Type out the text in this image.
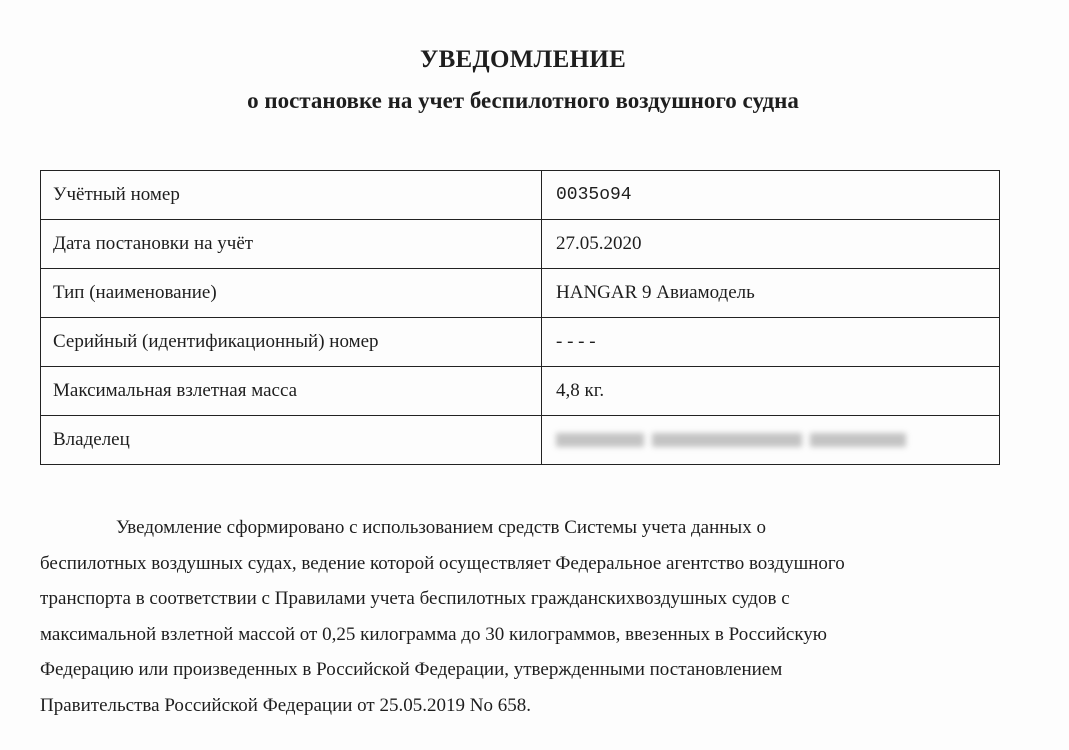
УВЕДОМЛЕНИЕ
о постановке на учет беспилотного воздушного судна
Учётный номер	0035о94
Дата постановки на учёт	27.05.2020
Тип (наименование)	HANGAR 9 Авиамодель
Серийный (идентификационный) номер	- - - -
Максимальная взлетная масса	4,8 кг.
Владелец	
Уведомление сформировано с использованием средств Системы учета данных о
беспилотных воздушных судах, ведение которой осуществляет Федеральное агентство воздушного
транспорта в соответствии с Правилами учета беспилотных гражданскихвоздушных судов с
максимальной взлетной массой от 0,25 килограмма до 30 килограммов, ввезенных в Российскую
Федерацию или произведенных в Российской Федерации, утвержденными постановлением
Правительства Российской Федерации от 25.05.2019 No 658.
